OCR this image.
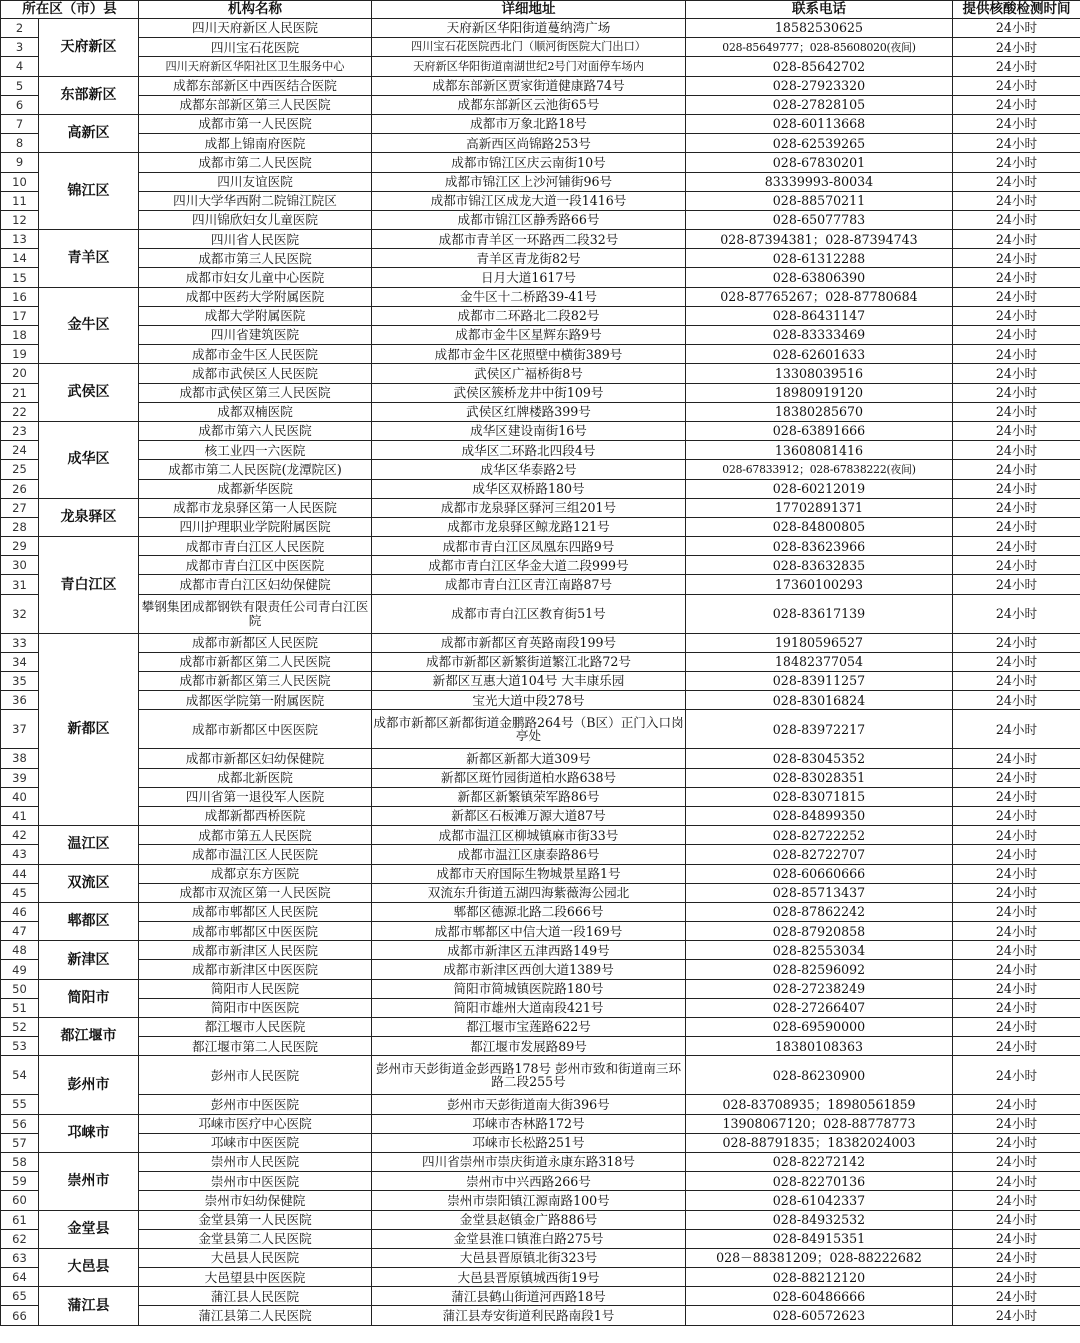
所在区（市）县		机构名称	详细地址	联系电话	提供核酸检测时间
2	天府新区	四川天府新区人民医院	天府新区华阳街道蔓纳湾广场	18582530625	24小时
3		四川宝石花医院	四川宝石花医院西北门（顺河街医院大门出口）	028-85649777；028-85608020(夜间)	24小时
4		四川天府新区华阳社区卫生服务中心	天府新区华阳街道南湖世纪2号门对面停车场内	028-85642702	24小时
5	东部新区	成都东部新区中西医结合医院	成都东部新区贾家街道健康路74号	028-27923320	24小时
6		成都东部新区第三人民医院	成都东部新区云池街65号	028-27828105	24小时
7	高新区	成都市第一人民医院	成都市万象北路18号	028-60113668	24小时
8		成都上锦南府医院	高新西区尚锦路253号	028-62539265	24小时
9	锦江区	成都市第二人民医院	成都市锦江区庆云南街10号	028-67830201	24小时
10		四川友谊医院	成都市锦江区上沙河铺街96号	83339993-80034	24小时
11		四川大学华西附二院锦江院区	成都市锦江区成龙大道一段1416号	028-88570211	24小时
12		四川锦欣妇女儿童医院	成都市锦江区静秀路66号	028-65077783	24小时
13	青羊区	四川省人民医院	成都市青羊区一环路西二段32号	028-87394381；028-87394743	24小时
14		成都市第三人民医院	青羊区青龙街82号	028-61312288	24小时
15		成都市妇女儿童中心医院	日月大道1617号	028-63806390	24小时
16	金牛区	成都中医药大学附属医院	金牛区十二桥路39-41号	028-87765267；028-87780684	24小时
17		成都大学附属医院	成都市二环路北二段82号	028-86431147	24小时
18		四川省建筑医院	成都市金牛区星辉东路9号	028-83333469	24小时
19		成都市金牛区人民医院	成都市金牛区花照壁中横街389号	028-62601633	24小时
20	武侯区	成都市武侯区人民医院	武侯区广福桥街8号	13308039516	24小时
21		成都市武侯区第三人民医院	武侯区簇桥龙井中街109号	18980919120	24小时
22		成都双楠医院	武侯区红牌楼路399号	18380285670	24小时
23	成华区	成都市第六人民医院	成华区建设南街16号	028-63891666	24小时
24		核工业四一六医院	成华区二环路北四段4号	13608081416	24小时
25		成都市第二人民医院(龙潭院区)	成华区华泰路2号	028-67833912；028-67838222(夜间)	24小时
26		成都新华医院	成华区双桥路180号	028-60212019	24小时
27	龙泉驿区	成都市龙泉驿区第一人民医院	成都市龙泉驿区驿河三组201号	17702891371	24小时
28		四川护理职业学院附属医院	成都市龙泉驿区鲸龙路121号	028-84800805	24小时
29	青白江区	成都市青白江区人民医院	成都市青白江区凤凰东四路9号	028-83623966	24小时
30		成都市青白江区中医医院	成都市青白江区华金大道二段999号	028-83632835	24小时
31		成都市青白江区妇幼保健院	成都市青白江区青江南路87号	17360100293	24小时
32		攀钢集团成都钢铁有限责任公司青白江医院	成都市青白江区教育街51号	028-83617139	24小时
33	新都区	成都市新都区人民医院	成都市新都区育英路南段199号	19180596527	24小时
34		成都市新都区第二人民医院	成都市新都区新繁街道繁江北路72号	18482377054	24小时
35		成都市新都区第三人民医院	新都区互惠大道104号 大丰康乐园	028-83911257	24小时
36		成都医学院第一附属医院	宝光大道中段278号	028-83016824	24小时
37		成都市新都区中医医院	成都市新都区新都街道金鹏路264号（B区）正门入口岗亭处	028-83972217	24小时
38		成都市新都区妇幼保健院	新都区新都大道309号	028-83045352	24小时
39		成都北新医院	新都区斑竹园街道柏水路638号	028-83028351	24小时
40		四川省第一退役军人医院	新都区新繁镇荣军路86号	028-83071815	24小时
41		成都新都西桥医院	新都区石板滩万源大道87号	028-84899350	24小时
42	温江区	成都市第五人民医院	成都市温江区柳城镇麻市街33号	028-82722252	24小时
43		成都市温江区人民医院	成都市温江区康泰路86号	028-82722707	24小时
44	双流区	成都京东方医院	成都市天府国际生物城景星路1号	028-60660666	24小时
45		成都市双流区第一人民医院	双流东升街道五湖四海紫薇海公园北	028-85713437	24小时
46	郫都区	成都市郫都区人民医院	郫都区德源北路二段666号	028-87862242	24小时
47		成都市郫都区中医医院	成都市郫都区中信大道一段169号	028-87920858	24小时
48	新津区	成都市新津区人民医院	成都市新津区五津西路149号	028-82553034	24小时
49		成都市新津区中医医院	成都市新津区西创大道1389号	028-82596092	24小时
50	简阳市	简阳市人民医院	简阳市简城镇医院路180号	028-27238249	24小时
51		简阳市中医医院	简阳市雄州大道南段421号	028-27266407	24小时
52	都江堰市	都江堰市人民医院	都江堰市宝莲路622号	028-69590000	24小时
53		都江堰市第二人民医院	都江堰市发展路89号	18380108363	24小时
54	彭州市	彭州市人民医院	彭州市天彭街道金彭西路178号 彭州市致和街道南三环路二段255号	028-86230900	24小时
55		彭州市中医医院	彭州市天彭街道南大街396号	028-83708935；18980561859	24小时
56	邛崃市	邛崃市医疗中心医院	邛崃市杏林路172号	13908067120；028-88778773	24小时
57		邛崃市中医医院	邛崃市长松路251号	028-88791835；18382024003	24小时
58	崇州市	崇州市人民医院	四川省崇州市崇庆街道永康东路318号	028-82272142	24小时
59		崇州市中医医院	崇州市中兴西路266号	028-82270136	24小时
60		崇州市妇幼保健院	崇州市崇阳镇江源南路100号	028-61042337	24小时
61	金堂县	金堂县第一人民医院	金堂县赵镇金广路886号	028-84932532	24小时
62		金堂县第二人民医院	金堂县淮口镇淮白路275号	028-84915351	24小时
63	大邑县	大邑县人民医院	大邑县晋原镇北街323号	028－88381209；028-88222682	24小时
64		大邑望县中医医院	大邑县晋原镇城西街19号	028-88212120	24小时
65	蒲江县	蒲江县人民医院	蒲江县鹤山街道河西路18号	028-60486666	24小时
66		蒲江县第二人民医院	蒲江县寿安街道利民路南段1号	028-60572623	24小时
